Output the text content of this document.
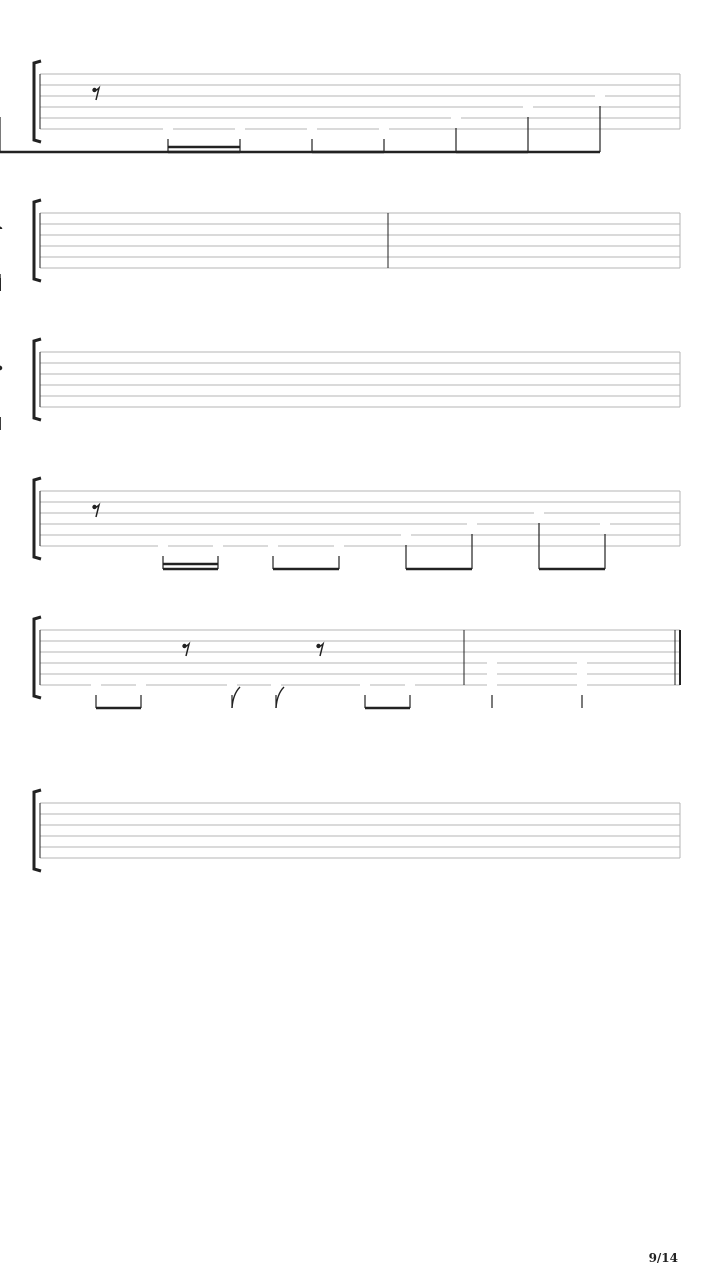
9/14
